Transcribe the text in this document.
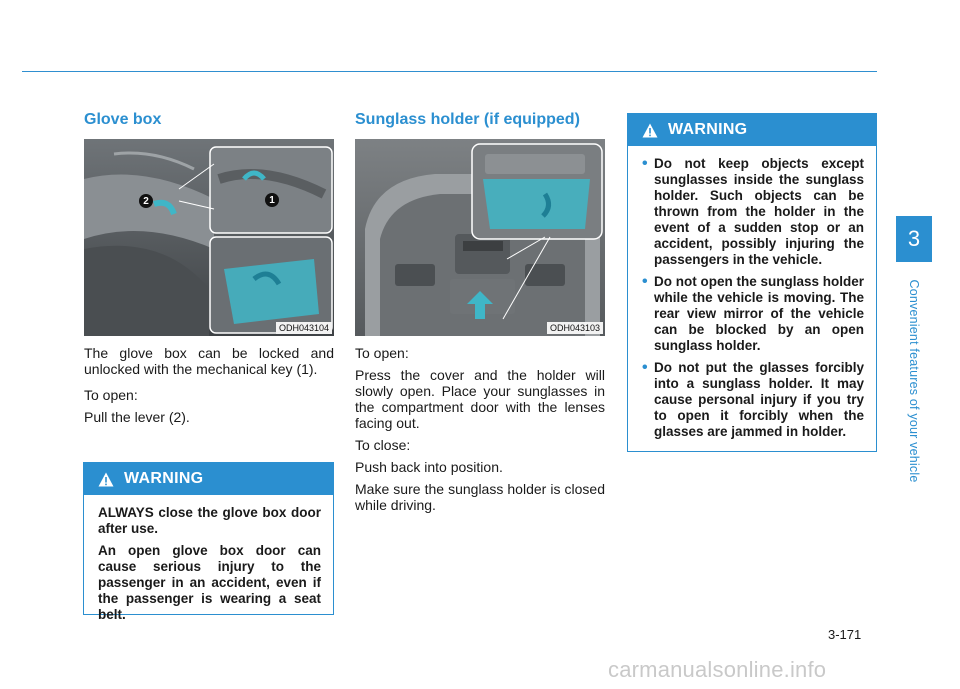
Glove box
1
2
ODH043104

The glove box can be locked and unlocked with the mechanical key (1).

To open:

Pull the lever (2).

WARNING

ALWAYS close the glove box door after use.

An open glove box door can cause serious injury to the passenger in an accident, even if the passenger is wearing a seat belt.

Sunglass holder (if equipped)
ODH043103

To open:

Press the cover and the holder will slowly open. Place your sunglasses in the compartment door with the lenses facing out.

To close:

Push back into position.

Make sure the sunglass holder is closed while driving.

WARNING
• Do not keep objects except sunglasses inside the sunglass holder. Such objects can be thrown from the holder in the event of a sudden stop or an accident, possibly injuring the passengers in the vehicle.
• Do not open the sunglass holder while the vehicle is moving. The rear view mirror of the vehicle can be blocked by an open sunglass holder.
• Do not put the glasses forcibly into a sunglass holder. It may cause personal injury if you try to open it forcibly when the glasses are jammed in holder.
3
Convenient features of your vehicle
3-171
carmanualsonline.info
